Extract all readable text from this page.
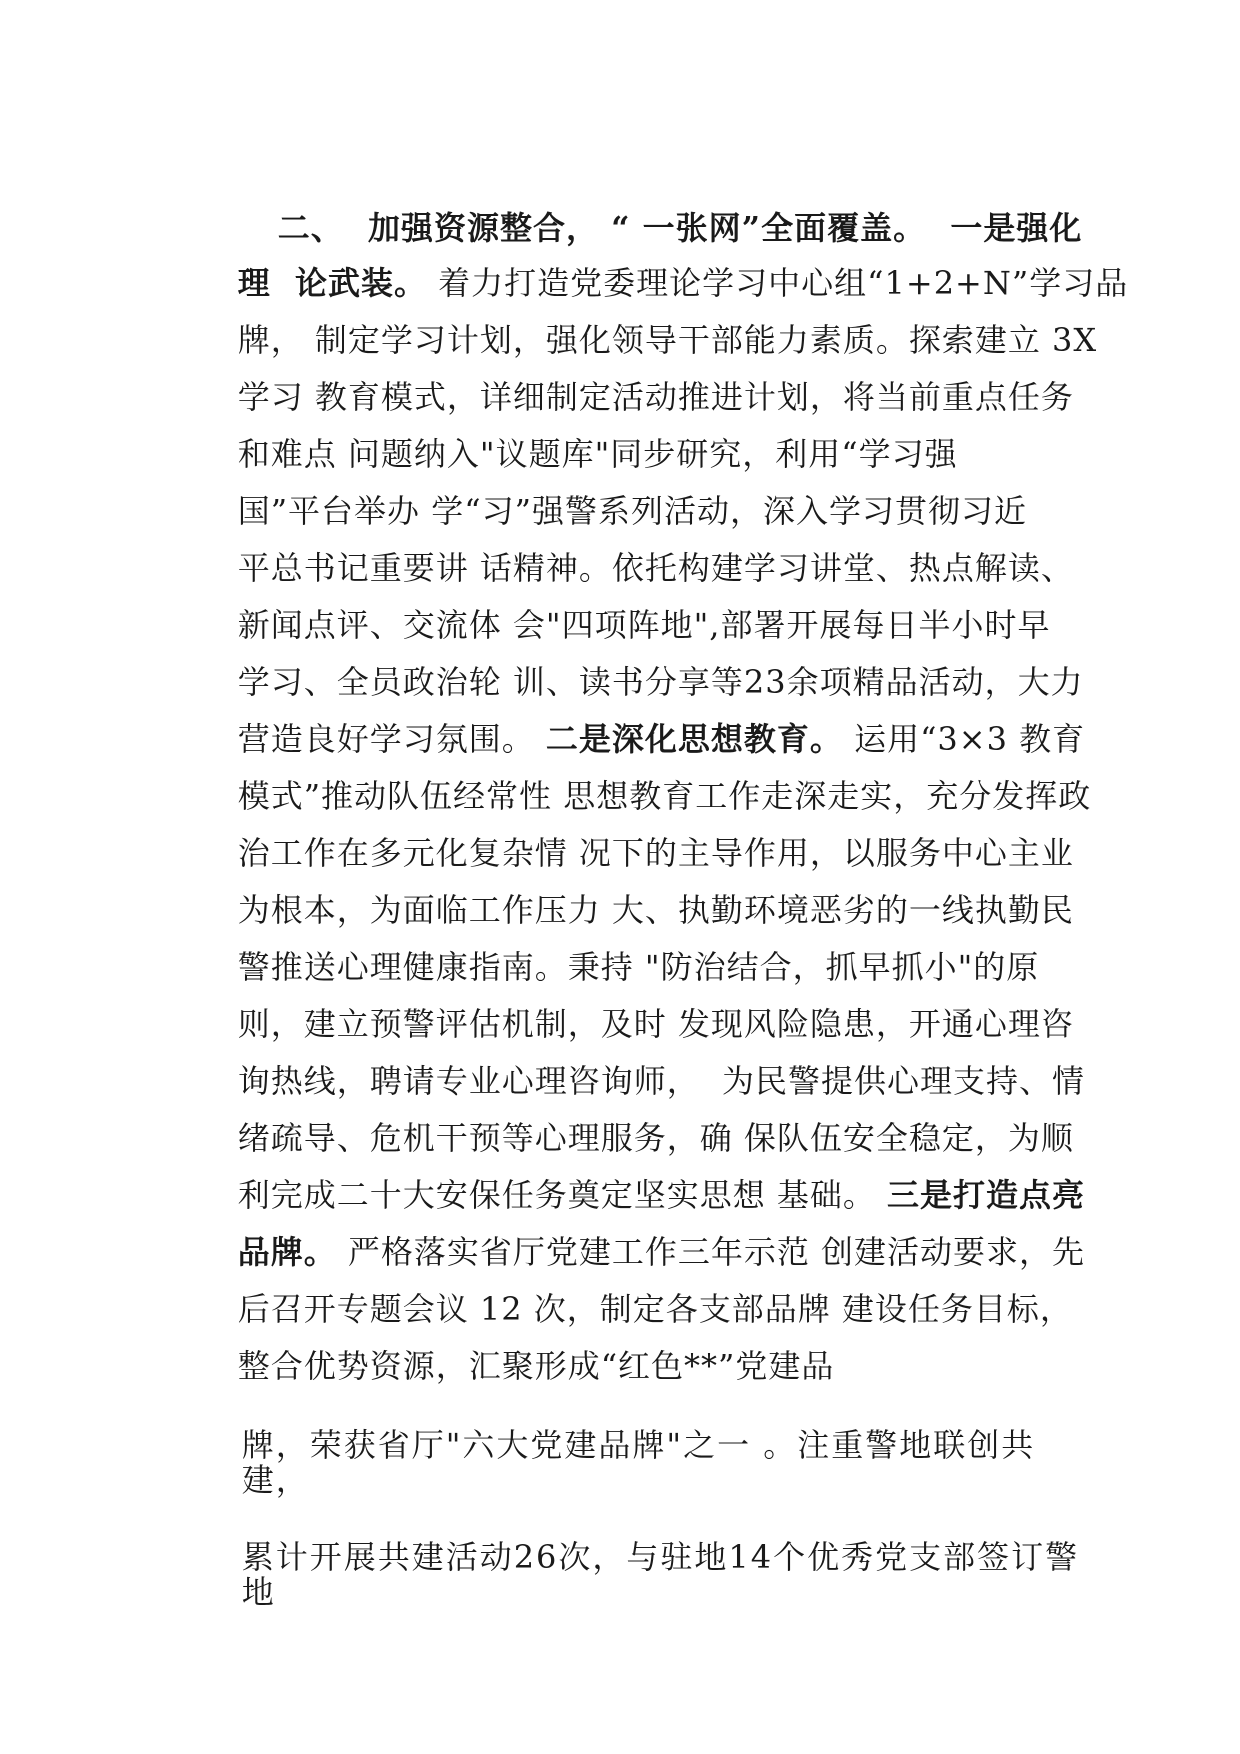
二、  加强资源整合， “ 一张网”全面覆盖。  一是强化

理  论武装。 着力打造党委理论学习中心组“1+2+N”学习品

牌， 制定学习计划，强化领导干部能力素质。探索建立 3X

学习 教育模式，详细制定活动推进计划，将当前重点任务

和难点 问题纳入"议题库"同步研究，利用“学习强

国”平台举办 学“习”强警系列活动，深入学习贯彻习近

平总书记重要讲 话精神。依托构建学习讲堂、热点解读、

新闻点评、交流体 会"四项阵地",部署开展每日半小时早

学习、全员政治轮 训、读书分享等23余项精品活动，大力

营造良好学习氛围。 二是深化思想教育。 运用“3×3 教育

模式”推动队伍经常性 思想教育工作走深走实，充分发挥政

治工作在多元化复杂情 况下的主导作用，以服务中心主业

为根本，为面临工作压力 大、执勤环境恶劣的一线执勤民

警推送心理健康指南。秉持 "防治结合，抓早抓小"的原

则，建立预警评估机制，及时 发现风险隐患，开通心理咨

询热线，聘请专业心理咨询师，  为民警提供心理支持、情

绪疏导、危机干预等心理服务，确 保队伍安全稳定，为顺

利完成二十大安保任务奠定坚实思想 基础。 三是打造点亮

品牌。 严格落实省厅党建工作三年示范 创建活动要求，先

后召开专题会议 12 次，制定各支部品牌 建设任务目标，

整合优势资源，汇聚形成“红色**”党建品

牌，荣获省厅"六大党建品牌"之一 。注重警地联创共

建，

累计开展共建活动26次，与驻地14个优秀党支部签订警

地
